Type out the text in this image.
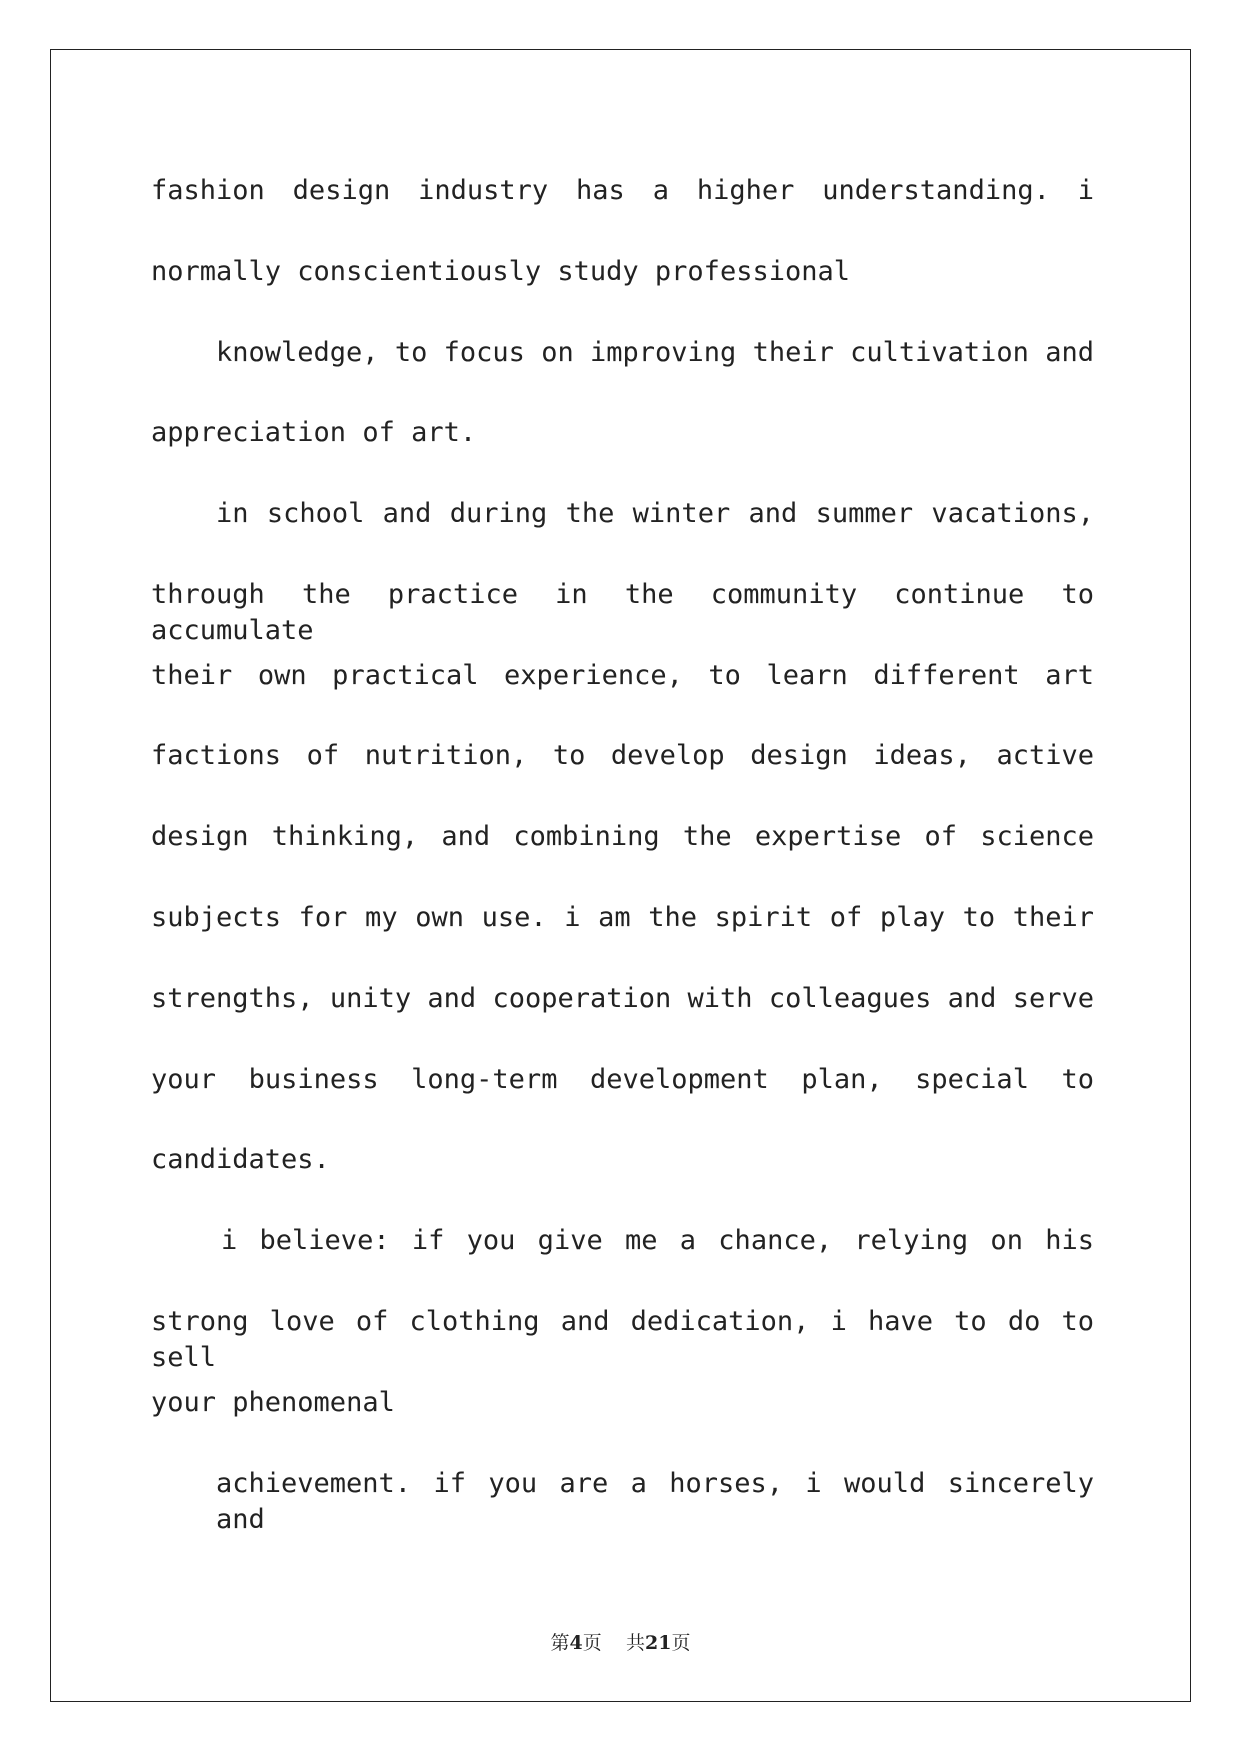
fashion design industry has a higher understanding. i
normally conscientiously study professional
knowledge, to focus on improving their cultivation and
appreciation of art.
in school and during the winter and summer vacations,
through the practice in the community continue to accumulate
their own practical experience, to learn different art
factions of nutrition, to develop design ideas, active
design thinking, and combining the expertise of science
subjects for my own use. i am the spirit of play to their
strengths, unity and cooperation with colleagues and serve
your business long-term development plan, special to
candidates.
i believe: if you give me a chance, relying on his
strong love of clothing and dedication, i have to do to sell
your phenomenal
achievement. if you are a horses, i would sincerely and
第4页 共21页
